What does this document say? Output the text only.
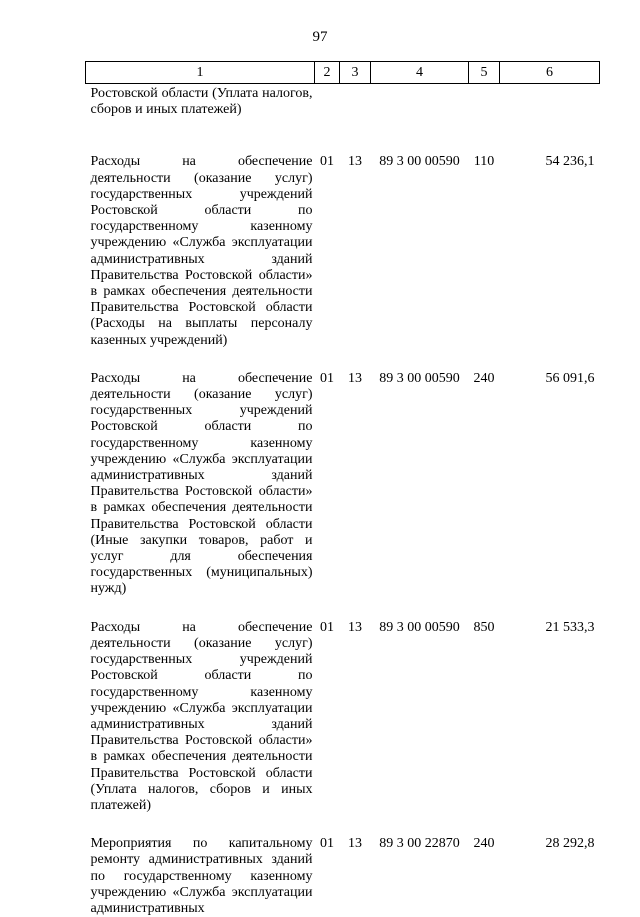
97
1	2	3	4	5	6
Ростовской области (Уплата налогов, сборов и иных платежей)					
Расходы на обеспечение деятельности (оказание услуг) государственных учреждений Ростовской области по государственному казенному учреждению «Служба эксплуатации административных зданий Правительства Ростовской области» в рамках обеспечения деятельности Правительства Ростовской области (Расходы на выплаты персоналу казенных учреждений)	01	13	89 3 00 00590	110	54 236,1
Расходы на обеспечение деятельности (оказание услуг) государственных учреждений Ростовской области по государственному казенному учреждению «Служба эксплуатации административных зданий Правительства Ростовской области» в рамках обеспечения деятельности Правительства Ростовской области (Иные закупки товаров, работ и услуг для обеспечения государственных (муниципальных) нужд)	01	13	89 3 00 00590	240	56 091,6
Расходы на обеспечение деятельности (оказание услуг) государственных учреждений Ростовской области по государственному казенному учреждению «Служба эксплуатации административных зданий Правительства Ростовской области» в рамках обеспечения деятельности Правительства Ростовской области (Уплата налогов, сборов и иных платежей)	01	13	89 3 00 00590	850	21 533,3
Мероприятия по капитальному ремонту административных зданий по государственному казенному учреждению «Служба эксплуатации административных	01	13	89 3 00 22870	240	28 292,8
